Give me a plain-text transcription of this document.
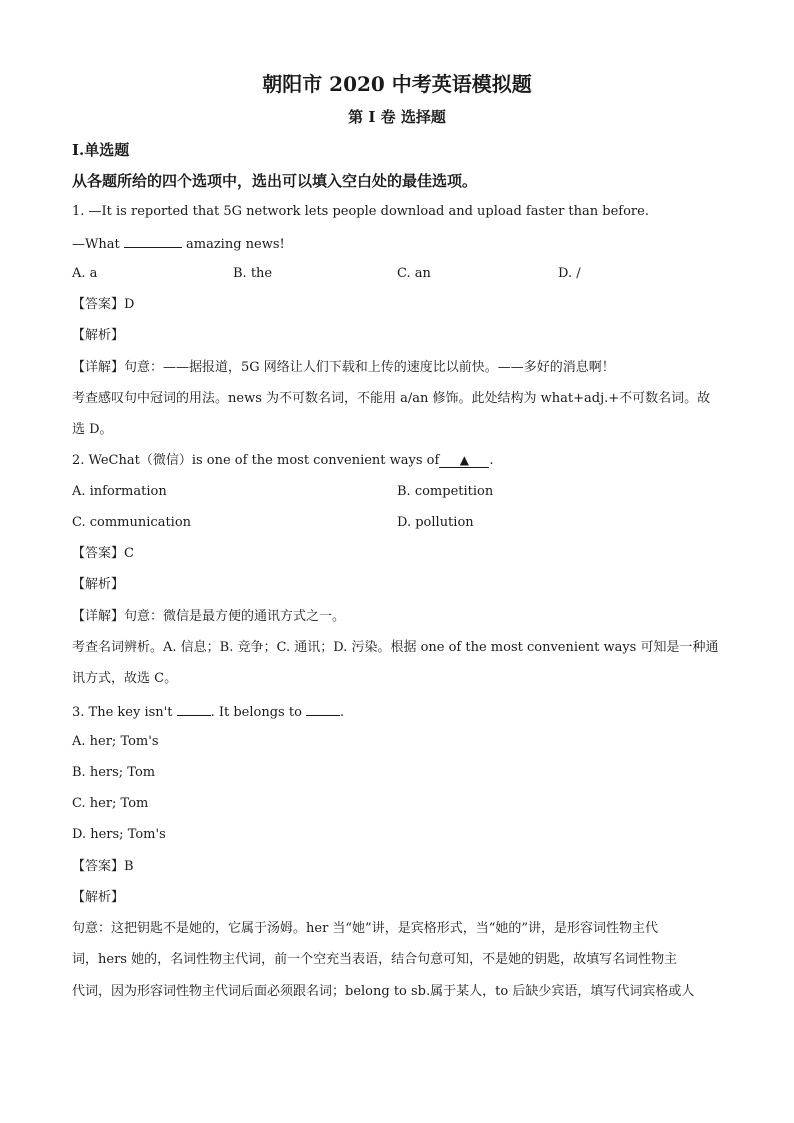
朝阳市 2020 中考英语模拟题
第 I 卷 选择题
I.单选题
从各题所给的四个选项中，选出可以填入空白处的最佳选项。
1. —It is reported that 5G network lets people download and upload faster than before.
—What	amazing news!
A. a	B. the	C. an	D. /
【答案】D
【解析】
【详解】句意：——据报道，5G 网络让人们下载和上传的速度比以前快。——多好的消息啊！
考查感叹句中冠词的用法。news 为不可数名词，不能用 a/an 修饰。此处结构为 what+adj.+不可数名词。故
选 D。
2. WeChat（微信）is one of the most convenient ways of ▲ .
A. information	B. competition
C. communication	D. pollution
【答案】C
【解析】
【详解】句意：微信是最方便的通讯方式之一。
考查名词辨析。A. 信息；B. 竞争；C. 通讯；D. 污染。根据 one of the most convenient ways 可知是一种通
讯方式，故选 C。
3. The key isn't	. It belongs to	.
A. her; Tom's
B. hers; Tom
C. her; Tom
D. hers; Tom's
【答案】B
【解析】
句意：这把钥匙不是她的，它属于汤姆。her 当“她”讲，是宾格形式，当“她的”讲，是形容词性物主代
词，hers 她的，名词性物主代词，前一个空充当表语，结合句意可知，不是她的钥匙，故填写名词性物主
代词，因为形容词性物主代词后面必须跟名词；belong to sb.属于某人，to 后缺少宾语，填写代词宾格或人
